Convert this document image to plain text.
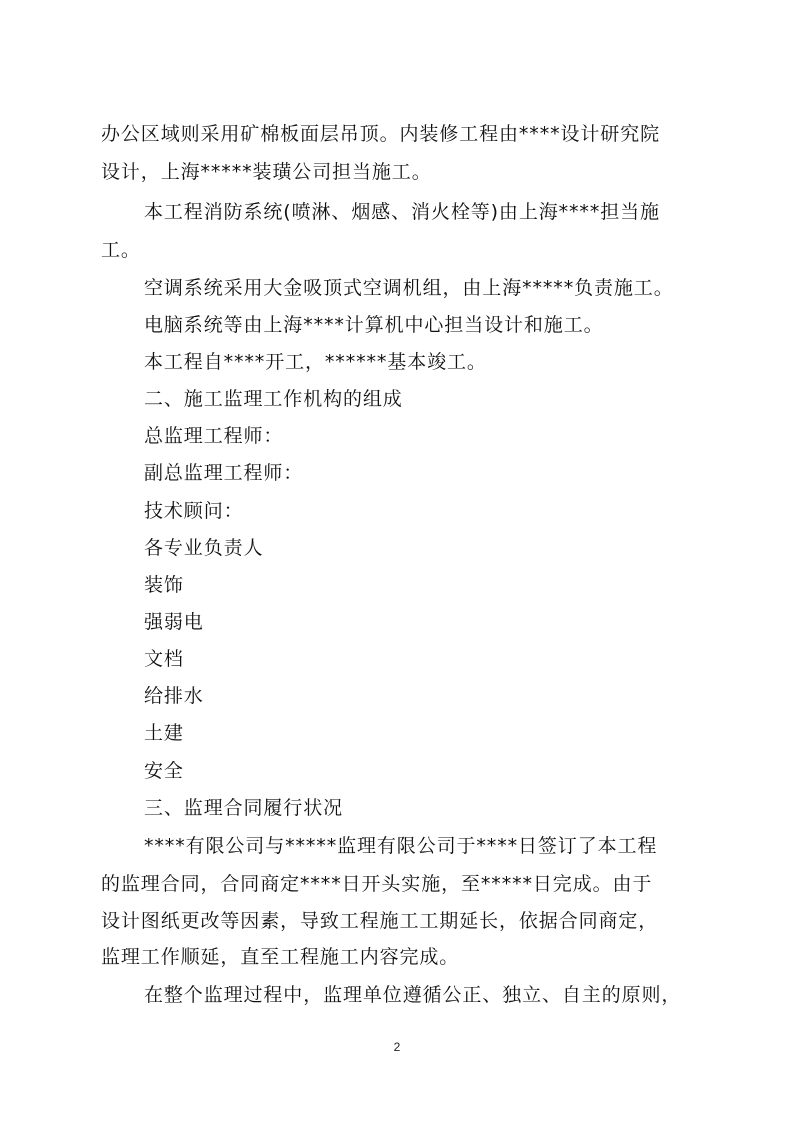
办公区域则采用矿棉板面层吊顶。内装修工程由****设计研究院
设计，上海*****装璜公司担当施工。
本工程消防系统(喷淋、烟感、消火栓等)由上海****担当施
工。
空调系统采用大金吸顶式空调机组，由上海*****负责施工。
电脑系统等由上海****计算机中心担当设计和施工。
本工程自****开工，******基本竣工。
二、施工监理工作机构的组成
总监理工程师：
副总监理工程师：
技术顾问：
各专业负责人
装饰
强弱电
文档
给排水
土建
安全
三、监理合同履行状况
****有限公司与*****监理有限公司于****日签订了本工程
的监理合同，合同商定****日开头实施，至*****日完成。由于
设计图纸更改等因素，导致工程施工工期延长，依据合同商定，
监理工作顺延，直至工程施工内容完成。
在整个监理过程中，监理单位遵循公正、独立、自主的原则，
2
